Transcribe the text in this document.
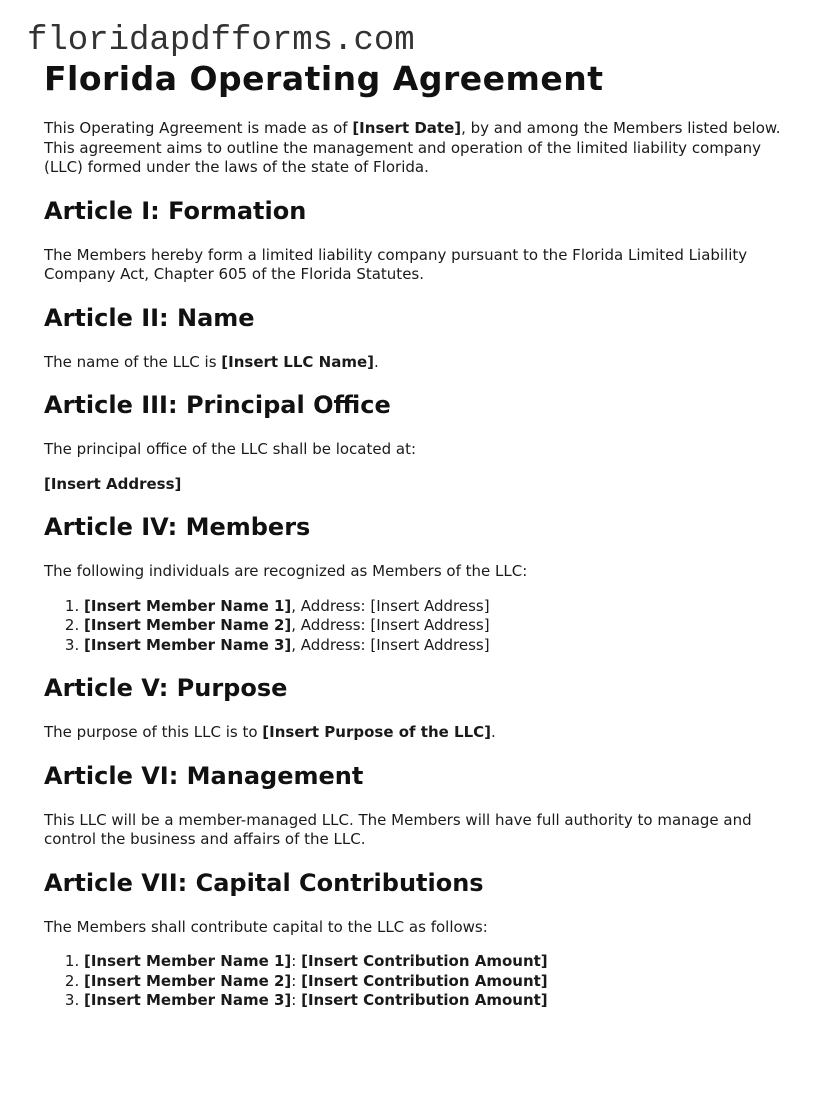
floridapdfforms.com
Florida Operating Agreement

This Operating Agreement is made as of [Insert Date], by and among the Members listed below. This agreement aims to outline the management and operation of the limited liability company (LLC) formed under the laws of the state of Florida.

Article I: Formation

The Members hereby form a limited liability company pursuant to the Florida Limited Liability Company Act, Chapter 605 of the Florida Statutes.

Article II: Name

The name of the LLC is [Insert LLC Name].

Article III: Principal Office

The principal office of the LLC shall be located at:

[Insert Address]

Article IV: Members

The following individuals are recognized as Members of the LLC:

1. [Insert Member Name 1], Address: [Insert Address]
2. [Insert Member Name 2], Address: [Insert Address]
3. [Insert Member Name 3], Address: [Insert Address]
Article V: Purpose

The purpose of this LLC is to [Insert Purpose of the LLC].

Article VI: Management

This LLC will be a member-managed LLC. The Members will have full authority to manage and control the business and affairs of the LLC.

Article VII: Capital Contributions

The Members shall contribute capital to the LLC as follows:

1. [Insert Member Name 1]: [Insert Contribution Amount]
2. [Insert Member Name 2]: [Insert Contribution Amount]
3. [Insert Member Name 3]: [Insert Contribution Amount]
